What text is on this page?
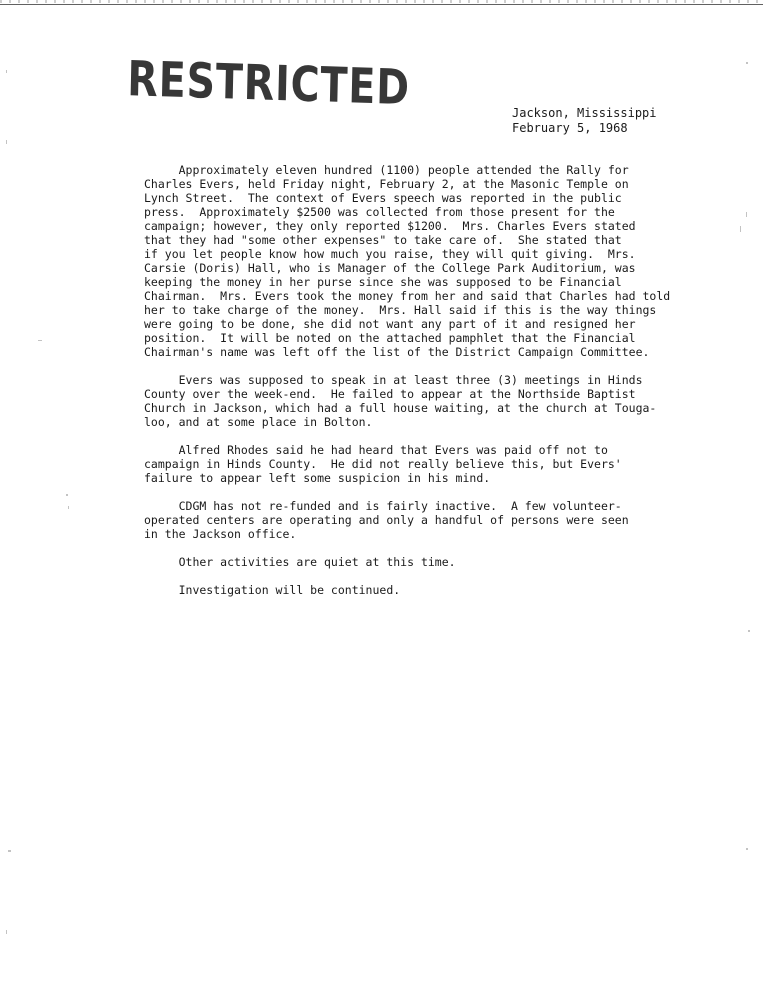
RESTRICTED	Jackson, Mississippi
February 5, 1968
Approximately eleven hundred (1100) people attended the Rally for
Charles Evers, held Friday night, February 2, at the Masonic Temple on
Lynch Street.  The context of Evers speech was reported in the public
press.  Approximately $2500 was collected from those present for the
campaign; however, they only reported $1200.  Mrs. Charles Evers stated
that they had "some other expenses" to take care of.  She stated that
if you let people know how much you raise, they will quit giving.  Mrs.
Carsie (Doris) Hall, who is Manager of the College Park Auditorium, was
keeping the money in her purse since she was supposed to be Financial
Chairman.  Mrs. Evers took the money from her and said that Charles had told
her to take charge of the money.  Mrs. Hall said if this is the way things
were going to be done, she did not want any part of it and resigned her
position.  It will be noted on the attached pamphlet that the Financial
Chairman's name was left off the list of the District Campaign Committee.
Evers was supposed to speak in at least three (3) meetings in Hinds
County over the week-end.  He failed to appear at the Northside Baptist
Church in Jackson, which had a full house waiting, at the church at Touga-
loo, and at some place in Bolton.
Alfred Rhodes said he had heard that Evers was paid off not to
campaign in Hinds County.  He did not really believe this, but Evers'
failure to appear left some suspicion in his mind.
CDGM has not re-funded and is fairly inactive.  A few volunteer-
operated centers are operating and only a handful of persons were seen
in the Jackson office.
Other activities are quiet at this time.
Investigation will be continued.
